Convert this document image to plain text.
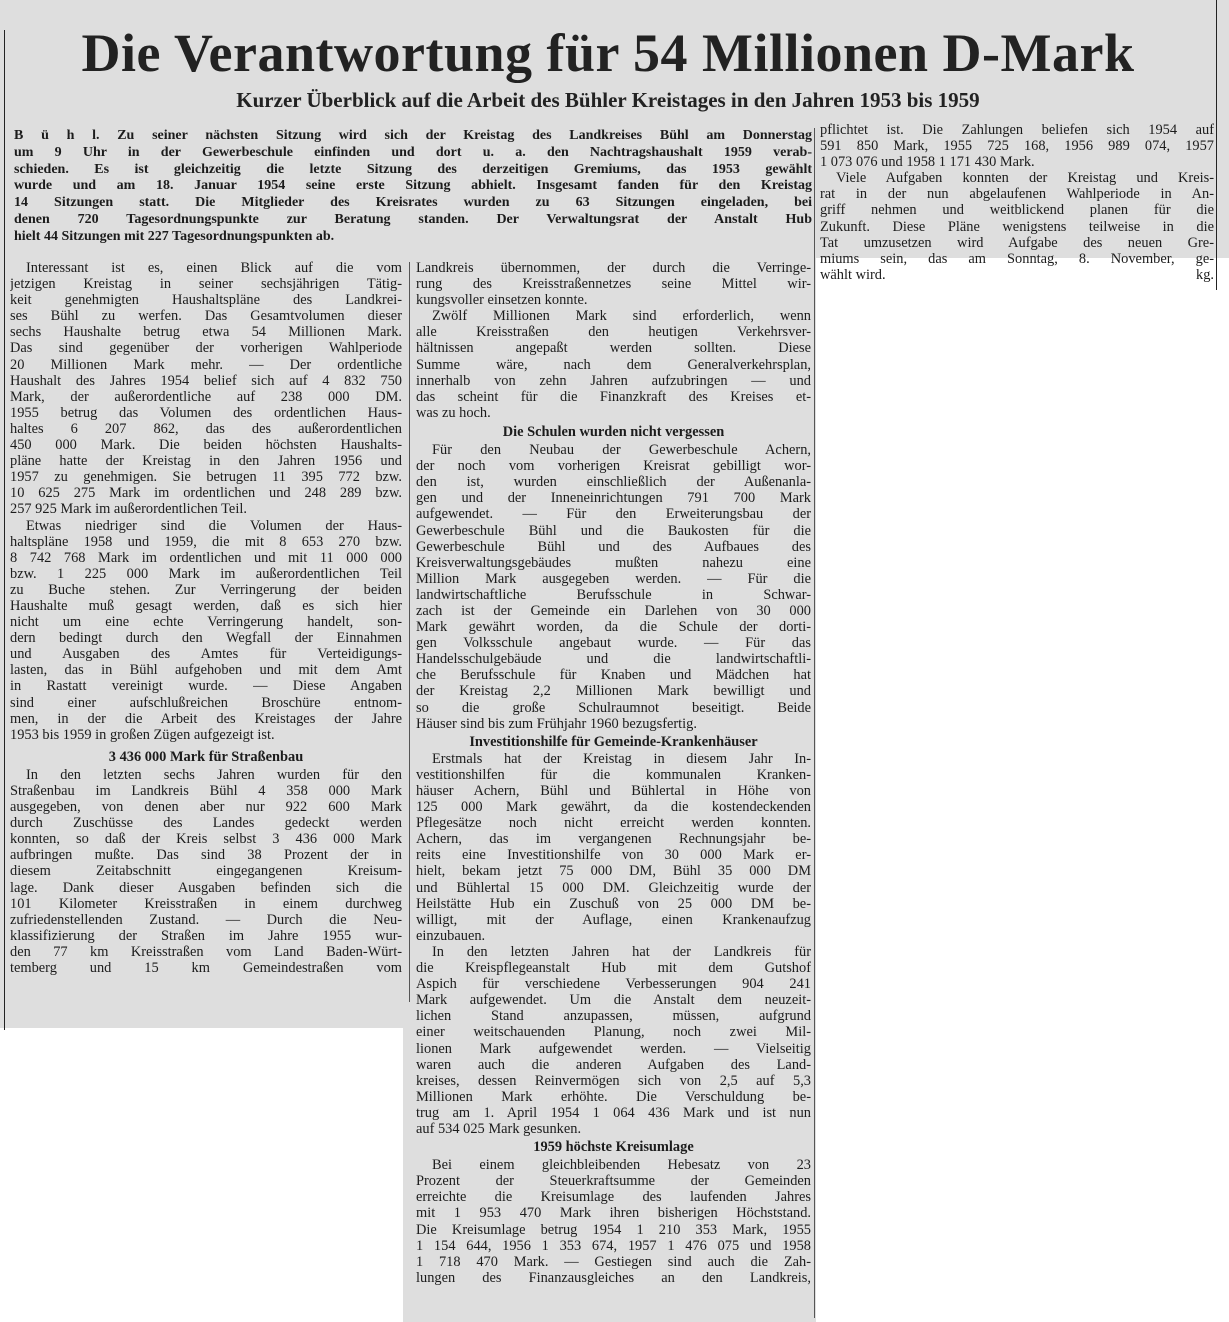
Die Verantwortung für 54 Millionen D-Mark
Kurzer Überblick auf die Arbeit des Bühler Kreistages in den Jahren 1953 bis 1959
B ü h l. Zu seiner nächsten Sitzung wird sich der Kreistag des Landkreises Bühl am Donnerstag
um 9 Uhr in der Gewerbeschule einfinden und dort u. a. den Nachtragshaushalt 1959 verab-
schieden. Es ist gleichzeitig die letzte Sitzung des derzeitigen Gremiums, das 1953 gewählt
wurde und am 18. Januar 1954 seine erste Sitzung abhielt. Insgesamt fanden für den Kreistag
14 Sitzungen statt. Die Mitglieder des Kreisrates wurden zu 63 Sitzungen eingeladen, bei
denen 720 Tagesordnungspunkte zur Beratung standen. Der Verwaltungsrat der Anstalt Hub
hielt 44 Sitzungen mit 227 Tagesordnungspunkten ab.
Interessant ist es, einen Blick auf die vom
jetzigen Kreistag in seiner sechsjährigen Tätig-
keit genehmigten Haushaltspläne des Landkrei-
ses Bühl zu werfen. Das Gesamtvolumen dieser
sechs Haushalte betrug etwa 54 Millionen Mark.
Das sind gegenüber der vorherigen Wahlperiode
20 Millionen Mark mehr. — Der ordentliche
Haushalt des Jahres 1954 belief sich auf 4 832 750
Mark, der außerordentliche auf 238 000 DM.
1955 betrug das Volumen des ordentlichen Haus-
haltes 6 207 862, das des außerordentlichen
450 000 Mark. Die beiden höchsten Haushalts-
pläne hatte der Kreistag in den Jahren 1956 und
1957 zu genehmigen. Sie betrugen 11 395 772 bzw.
10 625 275 Mark im ordentlichen und 248 289 bzw.
257 925 Mark im außerordentlichen Teil.
Etwas niedriger sind die Volumen der Haus-
haltspläne 1958 und 1959, die mit 8 653 270 bzw.
8 742 768 Mark im ordentlichen und mit 11 000 000
bzw. 1 225 000 Mark im außerordentlichen Teil
zu Buche stehen. Zur Verringerung der beiden
Haushalte muß gesagt werden, daß es sich hier
nicht um eine echte Verringerung handelt, son-
dern bedingt durch den Wegfall der Einnahmen
und Ausgaben des Amtes für Verteidigungs-
lasten, das in Bühl aufgehoben und mit dem Amt
in Rastatt vereinigt wurde. — Diese Angaben
sind einer aufschlußreichen Broschüre entnom-
men, in der die Arbeit des Kreistages der Jahre
1953 bis 1959 in großen Zügen aufgezeigt ist.
3 436 000 Mark für Straßenbau
In den letzten sechs Jahren wurden für den
Straßenbau im Landkreis Bühl 4 358 000 Mark
ausgegeben, von denen aber nur 922 600 Mark
durch Zuschüsse des Landes gedeckt werden
konnten, so daß der Kreis selbst 3 436 000 Mark
aufbringen mußte. Das sind 38 Prozent der in
diesem Zeitabschnitt eingegangenen Kreisum-
lage. Dank dieser Ausgaben befinden sich die
101 Kilometer Kreisstraßen in einem durchweg
zufriedenstellenden Zustand. — Durch die Neu-
klassifizierung der Straßen im Jahre 1955 wur-
den 77 km Kreisstraßen vom Land Baden-Würt-
temberg und 15 km Gemeindestraßen vom
Landkreis übernommen, der durch die Verringe-
rung des Kreisstraßennetzes seine Mittel wir-
kungsvoller einsetzen konnte.
Zwölf Millionen Mark sind erforderlich, wenn
alle Kreisstraßen den heutigen Verkehrsver-
hältnissen angepaßt werden sollten. Diese
Summe wäre, nach dem Generalverkehrsplan,
innerhalb von zehn Jahren aufzubringen — und
das scheint für die Finanzkraft des Kreises et-
was zu hoch.
Die Schulen wurden nicht vergessen
Für den Neubau der Gewerbeschule Achern,
der noch vom vorherigen Kreisrat gebilligt wor-
den ist, wurden einschließlich der Außenanla-
gen und der Inneneinrichtungen 791 700 Mark
aufgewendet. — Für den Erweiterungsbau der
Gewerbeschule Bühl und die Baukosten für die
Gewerbeschule Bühl und des Aufbaues des
Kreisverwaltungsgebäudes mußten nahezu eine
Million Mark ausgegeben werden. — Für die
landwirtschaftliche Berufsschule in Schwar-
zach ist der Gemeinde ein Darlehen von 30 000
Mark gewährt worden, da die Schule der dorti-
gen Volksschule angebaut wurde. — Für das
Handelsschulgebäude und die landwirtschaftli-
che Berufsschule für Knaben und Mädchen hat
der Kreistag 2,2 Millionen Mark bewilligt und
so die große Schulraumnot beseitigt. Beide
Häuser sind bis zum Frühjahr 1960 bezugsfertig.
Investitionshilfe für Gemeinde-Krankenhäuser
Erstmals hat der Kreistag in diesem Jahr In-
vestitionshilfen für die kommunalen Kranken-
häuser Achern, Bühl und Bühlertal in Höhe von
125 000 Mark gewährt, da die kostendeckenden
Pflegesätze noch nicht erreicht werden konnten.
Achern, das im vergangenen Rechnungsjahr be-
reits eine Investitionshilfe von 30 000 Mark er-
hielt, bekam jetzt 75 000 DM, Bühl 35 000 DM
und Bühlertal 15 000 DM. Gleichzeitig wurde der
Heilstätte Hub ein Zuschuß von 25 000 DM be-
willigt, mit der Auflage, einen Krankenaufzug
einzubauen.
In den letzten Jahren hat der Landkreis für
die Kreispflegeanstalt Hub mit dem Gutshof
Aspich für verschiedene Verbesserungen 904 241
Mark aufgewendet. Um die Anstalt dem neuzeit-
lichen Stand anzupassen, müssen, aufgrund
einer weitschauenden Planung, noch zwei Mil-
lionen Mark aufgewendet werden. — Vielseitig
waren auch die anderen Aufgaben des Land-
kreises, dessen Reinvermögen sich von 2,5 auf 5,3
Millionen Mark erhöhte. Die Verschuldung be-
trug am 1. April 1954 1 064 436 Mark und ist nun
auf 534 025 Mark gesunken.
1959 höchste Kreisumlage
Bei einem gleichbleibenden Hebesatz von 23
Prozent der Steuerkraftsumme der Gemeinden
erreichte die Kreisumlage des laufenden Jahres
mit 1 953 470 Mark ihren bisherigen Höchststand.
Die Kreisumlage betrug 1954 1 210 353 Mark, 1955
1 154 644, 1956 1 353 674, 1957 1 476 075 und 1958
1 718 470 Mark. — Gestiegen sind auch die Zah-
lungen des Finanzausgleiches an den Landkreis,
pflichtet ist. Die Zahlungen beliefen sich 1954 auf
591 850 Mark, 1955 725 168, 1956 989 074, 1957
1 073 076 und 1958 1 171 430 Mark.
Viele Aufgaben konnten der Kreistag und Kreis-
rat in der nun abgelaufenen Wahlperiode in An-
griff nehmen und weitblickend planen für die
Zukunft. Diese Pläne wenigstens teilweise in die
Tat umzusetzen wird Aufgabe des neuen Gre-
miums sein, das am Sonntag, 8. November, ge-
wählt wird.	kg.
